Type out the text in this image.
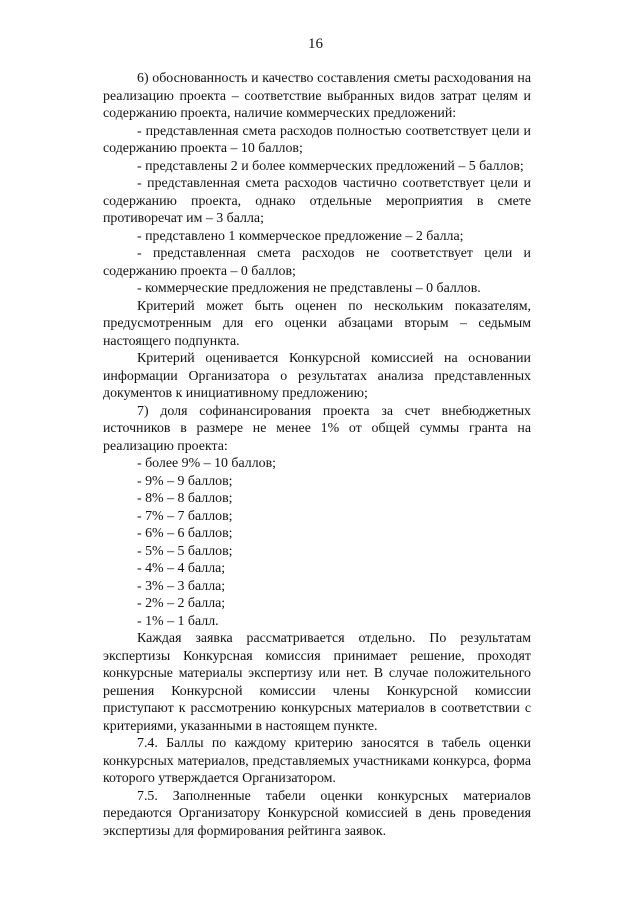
16

6) обоснованность и качество составления сметы расходования на реализацию проекта – соответствие выбранных видов затрат целям и содержанию проекта, наличие коммерческих предложений:

- представленная смета расходов полностью соответствует цели и содержанию проекта – 10 баллов;

- представлены 2 и более коммерческих предложений – 5 баллов;

- представленная смета расходов частично соответствует цели и содержанию проекта, однако отдельные мероприятия в смете противоречат им – 3 балла;

- представлено 1 коммерческое предложение – 2 балла;

- представленная смета расходов не соответствует цели и содержанию проекта – 0 баллов;

- коммерческие предложения не представлены – 0 баллов.

Критерий может быть оценен по нескольким показателям, предусмотренным для его оценки абзацами вторым – седьмым настоящего подпункта.

Критерий оценивается Конкурсной комиссией на основании информации Организатора о результатах анализа представленных документов к инициативному предложению;

7) доля софинансирования проекта за счет внебюджетных источников в размере не менее 1% от общей суммы гранта на реализацию проекта:

- более 9% – 10 баллов;
- 9% – 9 баллов;
- 8% – 8 баллов;
- 7% – 7 баллов;
- 6% – 6 баллов;
- 5% – 5 баллов;
- 4% – 4 балла;
- 3% – 3 балла;
- 2% – 2 балла;
- 1% – 1 балл.

Каждая заявка рассматривается отдельно. По результатам экспертизы Конкурсная комиссия принимает решение, проходят конкурсные материалы экспертизу или нет. В случае положительного решения Конкурсной комиссии члены Конкурсной комиссии приступают к рассмотрению конкурсных материалов в соответствии с критериями, указанными в настоящем пункте.

7.4. Баллы по каждому критерию заносятся в табель оценки конкурсных материалов, представляемых участниками конкурса, форма которого утверждается Организатором.

7.5. Заполненные табели оценки конкурсных материалов передаются Организатору Конкурсной комиссией в день проведения экспертизы для формирования рейтинга заявок.
